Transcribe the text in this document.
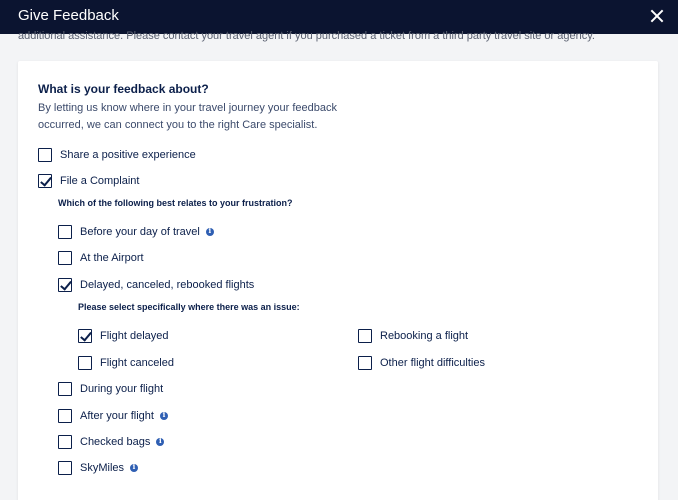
Give Feedback
additional assistance. Please contact your travel agent if you purchased a ticket from a third party travel site or agency.
What is your feedback about?
By letting us know where in your travel journey your feedback occurred, we can connect you to the right Care specialist.
Share a positive experience
File a Complaint
Which of the following best relates to your frustration?
Before your day of travel
i
At the Airport
Delayed, canceled, rebooked flights
Please select specifically where there was an issue:
Flight delayed	Rebooking a flight
Flight canceled	Other flight difficulties
During your flight
After your flight
i
Checked bags
i
SkyMiles
i
